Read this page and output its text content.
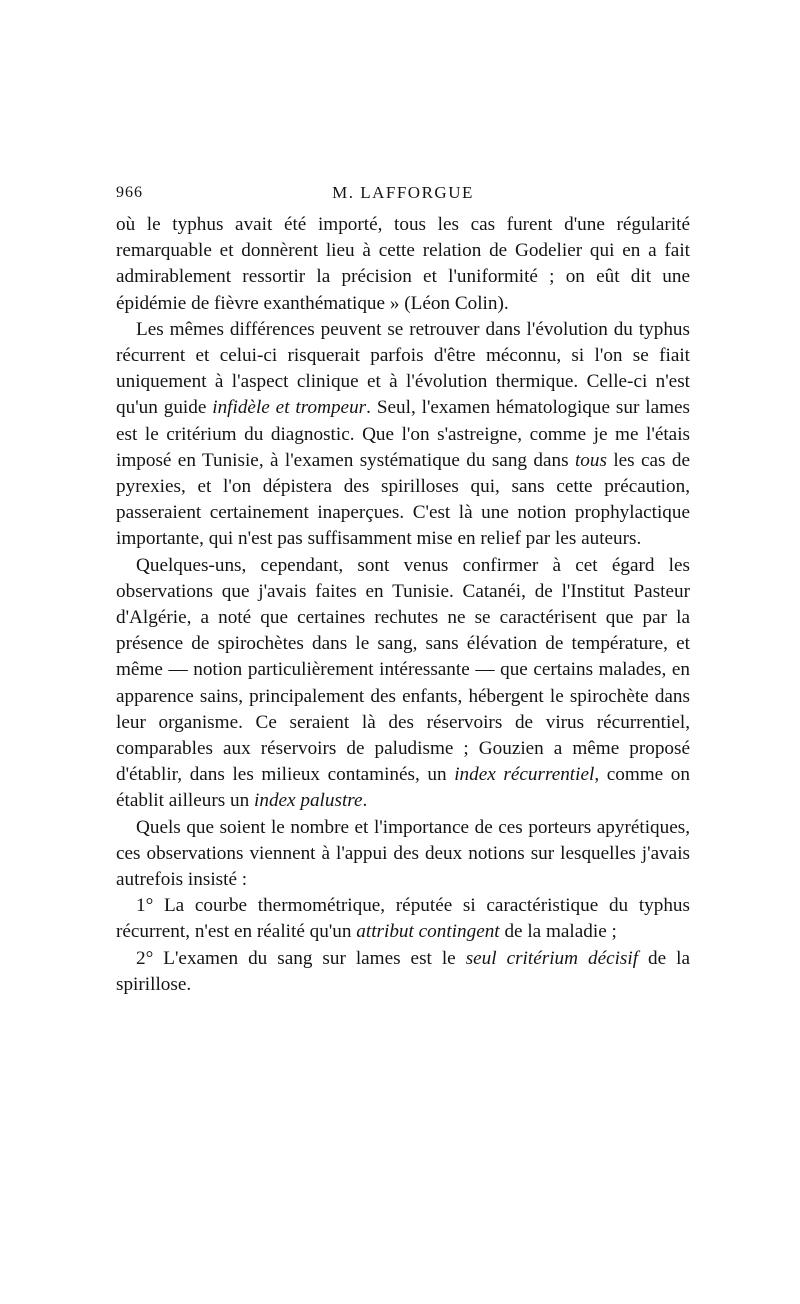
966	M. LAFFORGUE

où le typhus avait été importé, tous les cas furent d'une régularité remarquable et donnèrent lieu à cette relation de Godelier qui en a fait admirablement ressortir la précision et l'uniformité ; on eût dit une épidémie de fièvre exanthématique » (Léon Colin).

Les mêmes différences peuvent se retrouver dans l'évolution du typhus récurrent et celui-ci risquerait parfois d'être méconnu, si l'on se fiait uniquement à l'aspect clinique et à l'évolution thermique. Celle-ci n'est qu'un guide infidèle et trompeur. Seul, l'examen hématologique sur lames est le critérium du diagnostic. Que l'on s'astreigne, comme je me l'étais imposé en Tunisie, à l'examen systématique du sang dans tous les cas de pyrexies, et l'on dépistera des spirilloses qui, sans cette précaution, passeraient certainement inaperçues. C'est là une notion prophylactique importante, qui n'est pas suffisamment mise en relief par les auteurs.

Quelques-uns, cependant, sont venus confirmer à cet égard les observations que j'avais faites en Tunisie. Catanéi, de l'Institut Pasteur d'Algérie, a noté que certaines rechutes ne se caractérisent que par la présence de spirochètes dans le sang, sans élévation de température, et même — notion particulièrement intéressante — que certains malades, en apparence sains, principalement des enfants, hébergent le spirochète dans leur organisme. Ce seraient là des réservoirs de virus récurrentiel, comparables aux réservoirs de paludisme ; Gouzien a même proposé d'établir, dans les milieux contaminés, un index récurrentiel, comme on établit ailleurs un index palustre.

Quels que soient le nombre et l'importance de ces porteurs apyrétiques, ces observations viennent à l'appui des deux notions sur lesquelles j'avais autrefois insisté :

1° La courbe thermométrique, réputée si caractéristique du typhus récurrent, n'est en réalité qu'un attribut contingent de la maladie ;

2° L'examen du sang sur lames est le seul critérium décisif de la spirillose.
